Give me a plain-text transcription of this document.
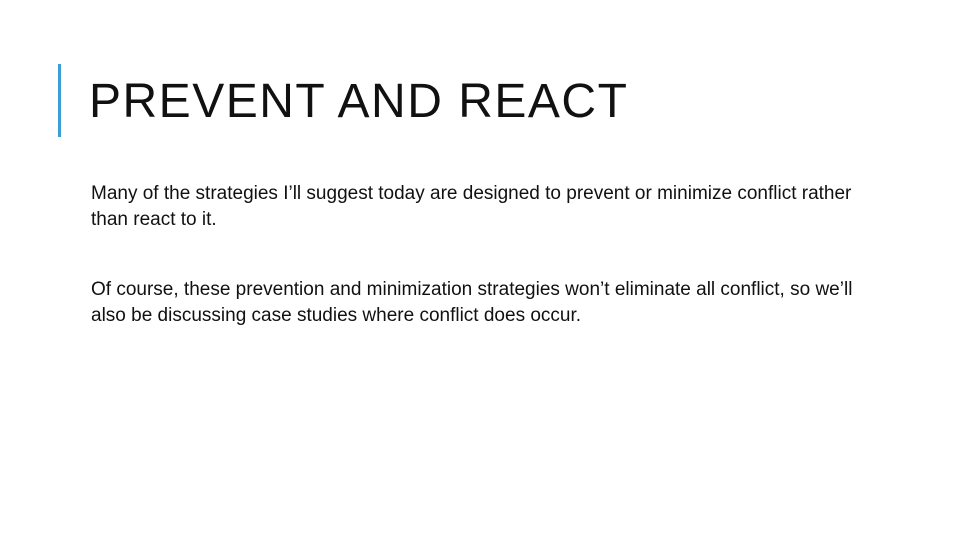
PREVENT AND REACT

Many of the strategies I’ll suggest today are designed to prevent or minimize conflict rather than react to it.

Of course, these prevention and minimization strategies won’t eliminate all conflict, so we’ll also be discussing case studies where conflict does occur.
